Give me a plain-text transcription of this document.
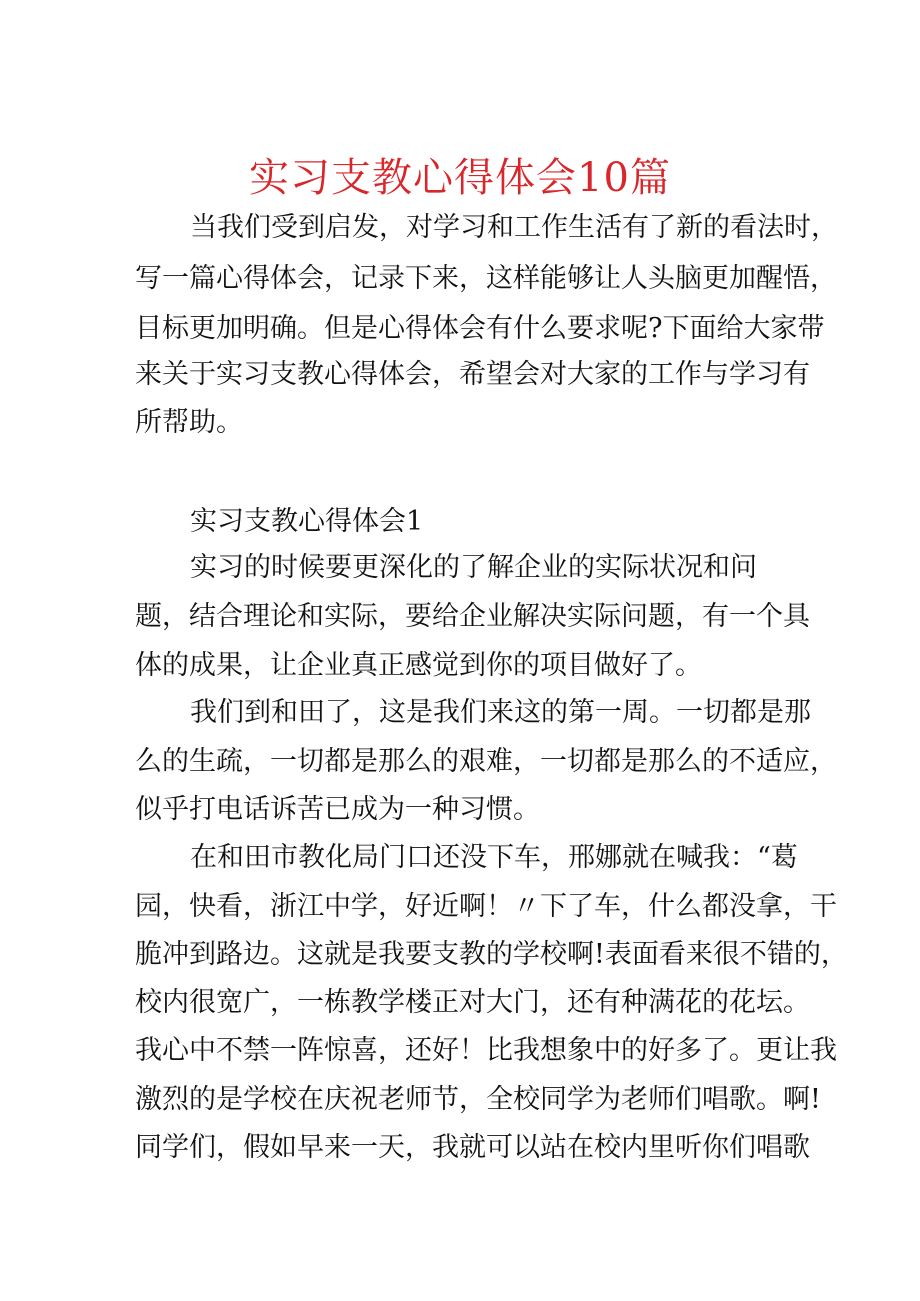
实习支教心得体会10篇
当我们受到启发，对学习和工作生活有了新的看法时，
写一篇心得体会，记录下来，这样能够让人头脑更加醒悟，
目标更加明确。但是心得体会有什么要求呢?下面给大家带
来关于实习支教心得体会，希望会对大家的工作与学习有
所帮助。
实习支教心得体会1
实习的时候要更深化的了解企业的实际状况和问
题，结合理论和实际，要给企业解决实际问题，有一个具
体的成果，让企业真正感觉到你的项目做好了。
我们到和田了，这是我们来这的第一周。一切都是那
么的生疏，一切都是那么的艰难，一切都是那么的不适应，
似乎打电话诉苦已成为一种习惯。
在和田市教化局门口还没下车，邢娜就在喊我：“葛
园，快看，浙江中学，好近啊！〃下了车，什么都没拿，干
脆冲到路边。这就是我要支教的学校啊!表面看来很不错的，
校内很宽广，一栋教学楼正对大门，还有种满花的花坛。
我心中不禁一阵惊喜，还好！比我想象中的好多了。更让我
激烈的是学校在庆祝老师节，全校同学为老师们唱歌。啊!
同学们，假如早来一天，我就可以站在校内里听你们唱歌
